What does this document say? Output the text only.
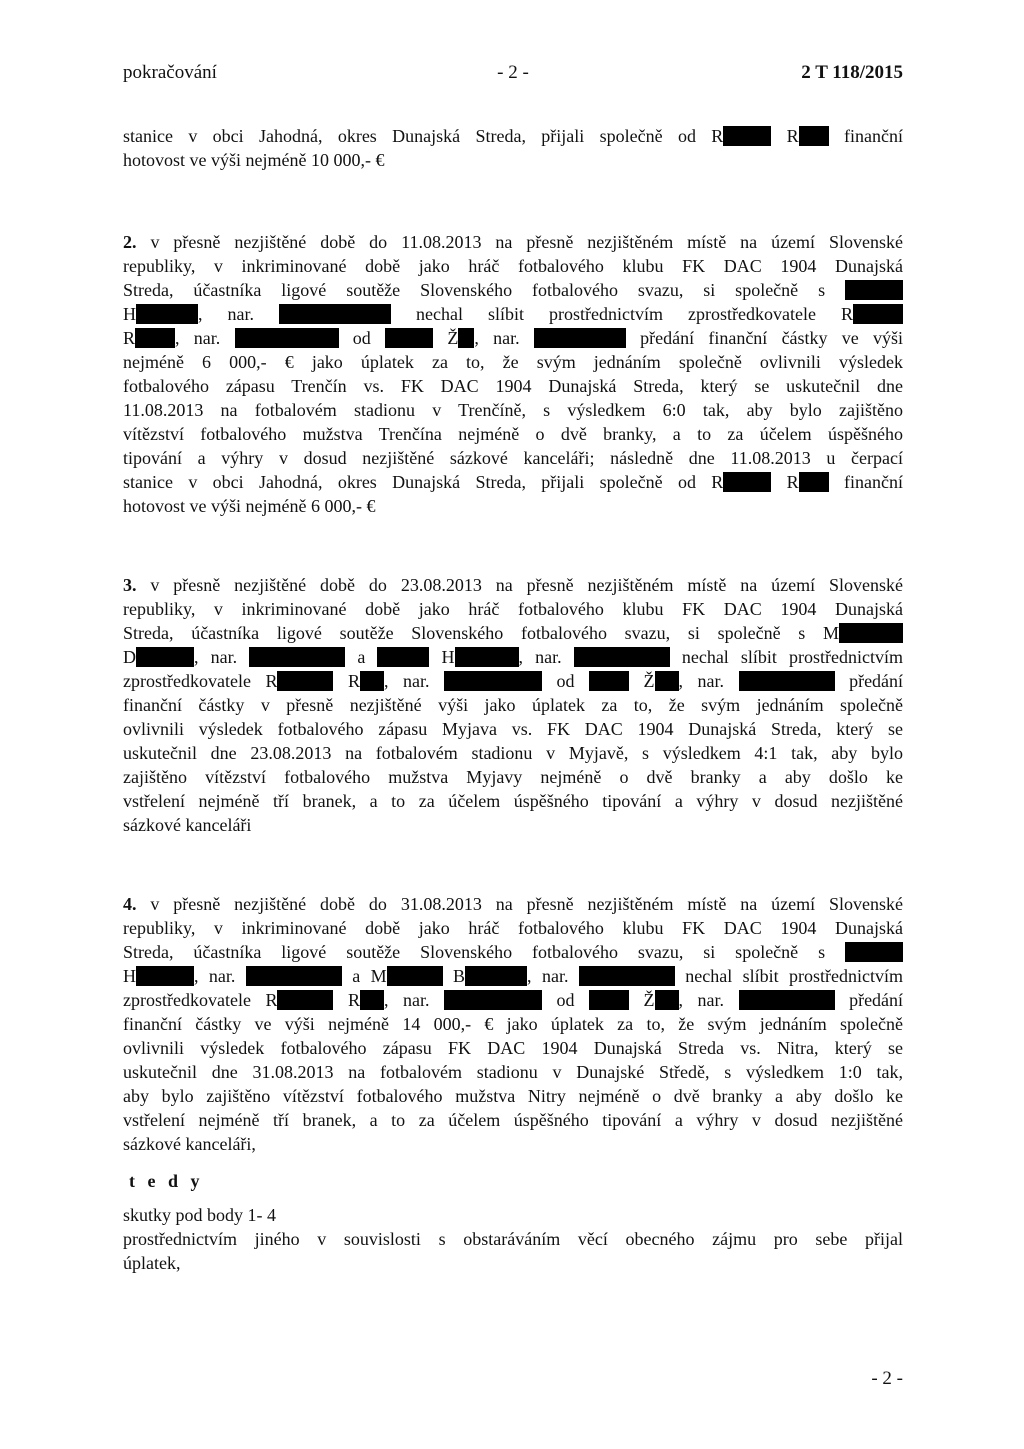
pokračování	- 2 -	2 T 118/2015
stanice v obci Jahodná, okres Dunajská Streda, přijali společně od R	R	finanční
hotovost ve výši nejméně 10 000,- €
2. v přesně nezjištěné době do 11.08.2013 na přesně nezjištěném místě na území Slovenské
republiky, v inkriminované době jako hráč fotbalového klubu FK DAC 1904 Dunajská
Streda, účastníka ligové soutěže Slovenského fotbalového svazu, si společně s
H	, nar.	nechal slíbit prostřednictvím zprostředkovatele R
R , nar.	od	Ž , nar.	předání finanční částky ve výši
nejméně 6 000,- € jako úplatek za to, že svým jednáním společně ovlivnili výsledek
fotbalového zápasu Trenčín vs. FK DAC 1904 Dunajská Streda, který se uskutečnil dne
11.08.2013 na fotbalovém stadionu v Trenčíně, s výsledkem 6:0 tak, aby bylo zajištěno
vítězství fotbalového mužstva Trenčína nejméně o dvě branky, a to za účelem úspěšného
tipování a výhry v dosud nezjištěné sázkové kanceláři; následně dne 11.08.2013 u čerpací
stanice v obci Jahodná, okres Dunajská Streda, přijali společně od R	R	finanční
hotovost ve výši nejméně 6 000,- €
3. v přesně nezjištěné době do 23.08.2013 na přesně nezjištěném místě na území Slovenské
republiky, v inkriminované době jako hráč fotbalového klubu FK DAC 1904 Dunajská
Streda, účastníka ligové soutěže Slovenského fotbalového svazu, si společně s M
D	, nar.	a	H	, nar.	nechal slíbit prostřednictvím
zprostředkovatele R	R , nar.	od	Ž , nar.	předání
finanční částky v přesně nezjištěné výši jako úplatek za to, že svým jednáním společně
ovlivnili výsledek fotbalového zápasu Myjava vs. FK DAC 1904 Dunajská Streda, který se
uskutečnil dne 23.08.2013 na fotbalovém stadionu v Myjavě, s výsledkem 4:1 tak, aby bylo
zajištěno vítězství fotbalového mužstva Myjavy nejméně o dvě branky a aby došlo ke
vstřelení nejméně tří branek, a to za účelem úspěšného tipování a výhry v dosud nezjištěné
sázkové kanceláři
4. v přesně nezjištěné době do 31.08.2013 na přesně nezjištěném místě na území Slovenské
republiky, v inkriminované době jako hráč fotbalového klubu FK DAC 1904 Dunajská
Streda, účastníka ligové soutěže Slovenského fotbalového svazu, si společně s
H	, nar.	a M	B	, nar.	nechal slíbit prostřednictvím
zprostředkovatele R	R , nar.	od	Ž , nar.	předání
finanční částky ve výši nejméně 14 000,- € jako úplatek za to, že svým jednáním společně
ovlivnili výsledek fotbalového zápasu FK DAC 1904 Dunajská Streda vs. Nitra, který se
uskutečnil dne 31.08.2013 na fotbalovém stadionu v Dunajské Středě, s výsledkem 1:0 tak,
aby bylo zajištěno vítězství fotbalového mužstva Nitry nejméně o dvě branky a aby došlo ke
vstřelení nejméně tří branek, a to za účelem úspěšného tipování a výhry v dosud nezjištěné
sázkové kanceláři,
t e d y
skutky pod body 1- 4
prostřednictvím jiného v souvislosti s obstaráváním věcí obecného zájmu pro sebe přijal
úplatek,
- 2 -
